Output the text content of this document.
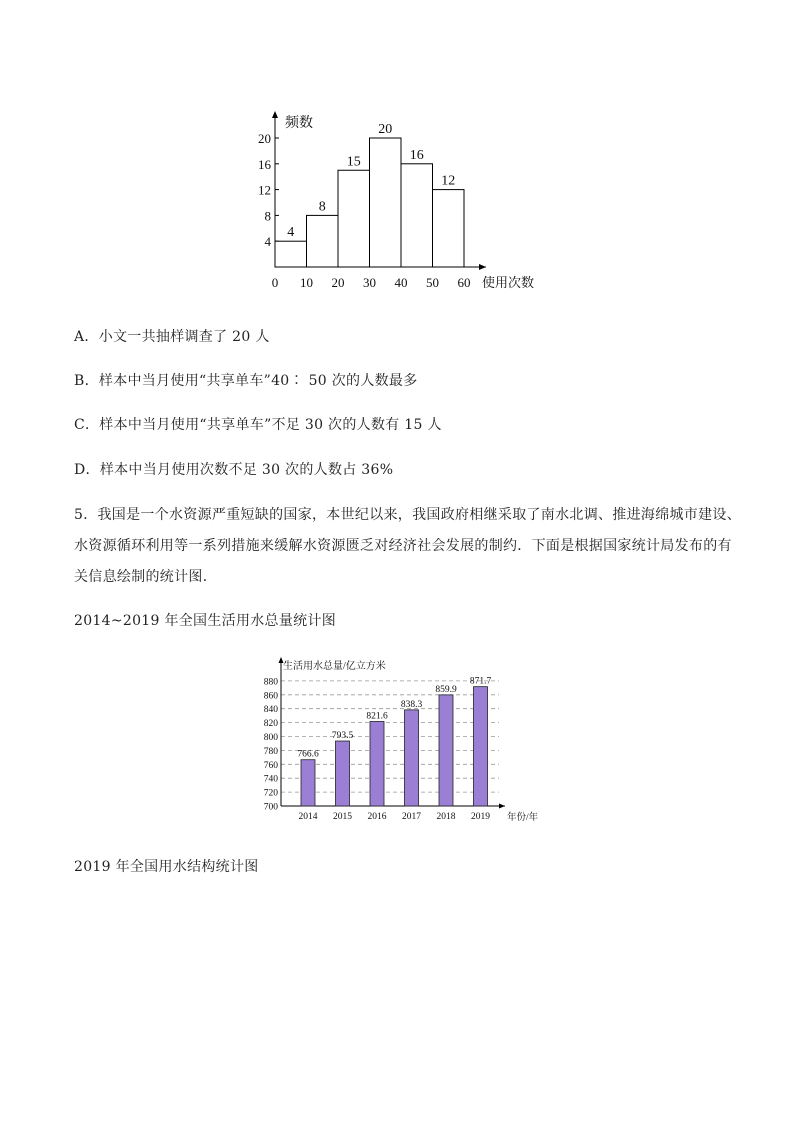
频数
使用次数
4
8
12
16
20
0 10 20 30 40 50 60
4
8
15
20
16
12
A．小文一共抽样调查了 20 人
B．样本中当月使用“共享单车”40∶ 50 次的人数最多
C．样本中当月使用“共享单车”不足 30 次的人数有 15 人
D．样本中当月使用次数不足 30 次的人数占 36%
5．我国是一个水资源严重短缺的国家，本世纪以来，我国政府相继采取了南水北调、推进海绵城市建设、
水资源循环利用等一系列措施来缓解水资源匮乏对经济社会发展的制约．下面是根据国家统计局发布的有
关信息绘制的统计图．
2014~2019 年全国生活用水总量统计图
700
720
740
760
780
800
820
840
860
880
生活用水总量/亿立方米
年份/年
766.6
2014
793.5
2015
821.6
2016
838.3
2017
859.9
2018
871.7
2019
2019 年全国用水结构统计图
